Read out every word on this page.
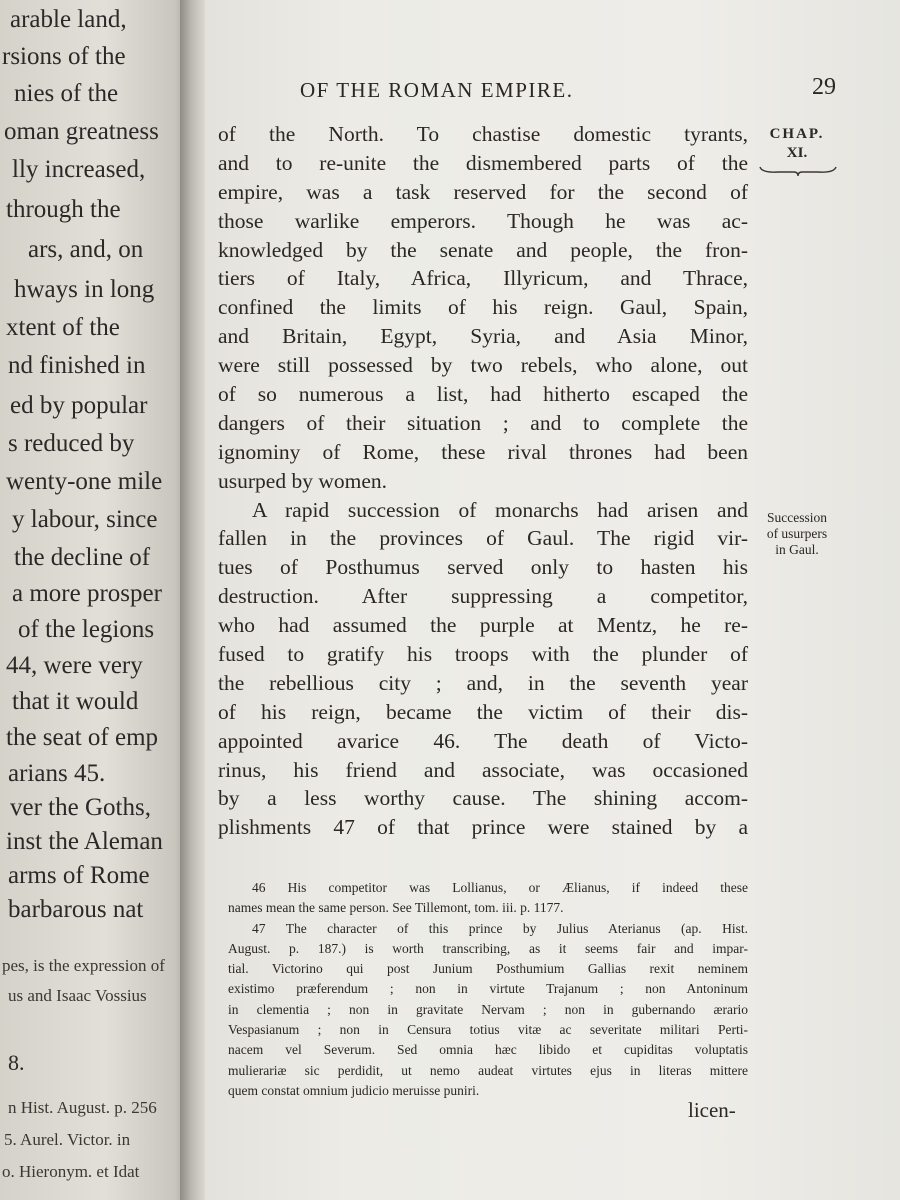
arable land,
rsions of the
nies of the
oman greatness
lly increased,
through the
ars, and, on
hways in long
xtent of the
nd finished in
ed by popular
s reduced by
wenty-one mile
y labour, since
the decline of
a more prosper
of the legions
44, were very
that it would
the seat of emp
arians 45.
ver the Goths,
inst the Aleman
arms of Rome
barbarous nat
pes, is the expression of
us and Isaac Vossius
8.
n Hist. August. p. 256
5. Aurel. Victor. in
o. Hieronym. et Idat
OF THE ROMAN EMPIRE.	29
CHAP.
XI.
Succession
of usurpers
in Gaul.
of the North. To chastise domestic tyrants,
and to re-unite the dismembered parts of the
empire, was a task reserved for the second of
those warlike emperors. Though he was ac-
knowledged by the senate and people, the fron-
tiers of Italy, Africa, Illyricum, and Thrace,
confined the limits of his reign. Gaul, Spain,
and Britain, Egypt, Syria, and Asia Minor,
were still possessed by two rebels, who alone, out
of so numerous a list, had hitherto escaped the
dangers of their situation ; and to complete the
ignominy of Rome, these rival thrones had been
usurped by women.
A rapid succession of monarchs had arisen and
fallen in the provinces of Gaul. The rigid vir-
tues of Posthumus served only to hasten his
destruction. After suppressing a competitor,
who had assumed the purple at Mentz, he re-
fused to gratify his troops with the plunder of
the rebellious city ; and, in the seventh year
of his reign, became the victim of their dis-
appointed avarice 46. The death of Victo-
rinus, his friend and associate, was occasioned
by a less worthy cause. The shining accom-
plishments 47 of that prince were stained by a
46 His competitor was Lollianus, or Ælianus, if indeed these
names mean the same person. See Tillemont, tom. iii. p. 1177.
47 The character of this prince by Julius Aterianus (ap. Hist.
August. p. 187.) is worth transcribing, as it seems fair and impar-
tial. Victorino qui post Junium Posthumium Gallias rexit neminem
existimo præferendum ; non in virtute Trajanum ; non Antoninum
in clementia ; non in gravitate Nervam ; non in gubernando ærario
Vespasianum ; non in Censura totius vitæ ac severitate militari Perti-
nacem vel Severum. Sed omnia hæc libido et cupiditas voluptatis
mulierariæ sic perdidit, ut nemo audeat virtutes ejus in literas mittere
quem constat omnium judicio meruisse puniri.
licen-
